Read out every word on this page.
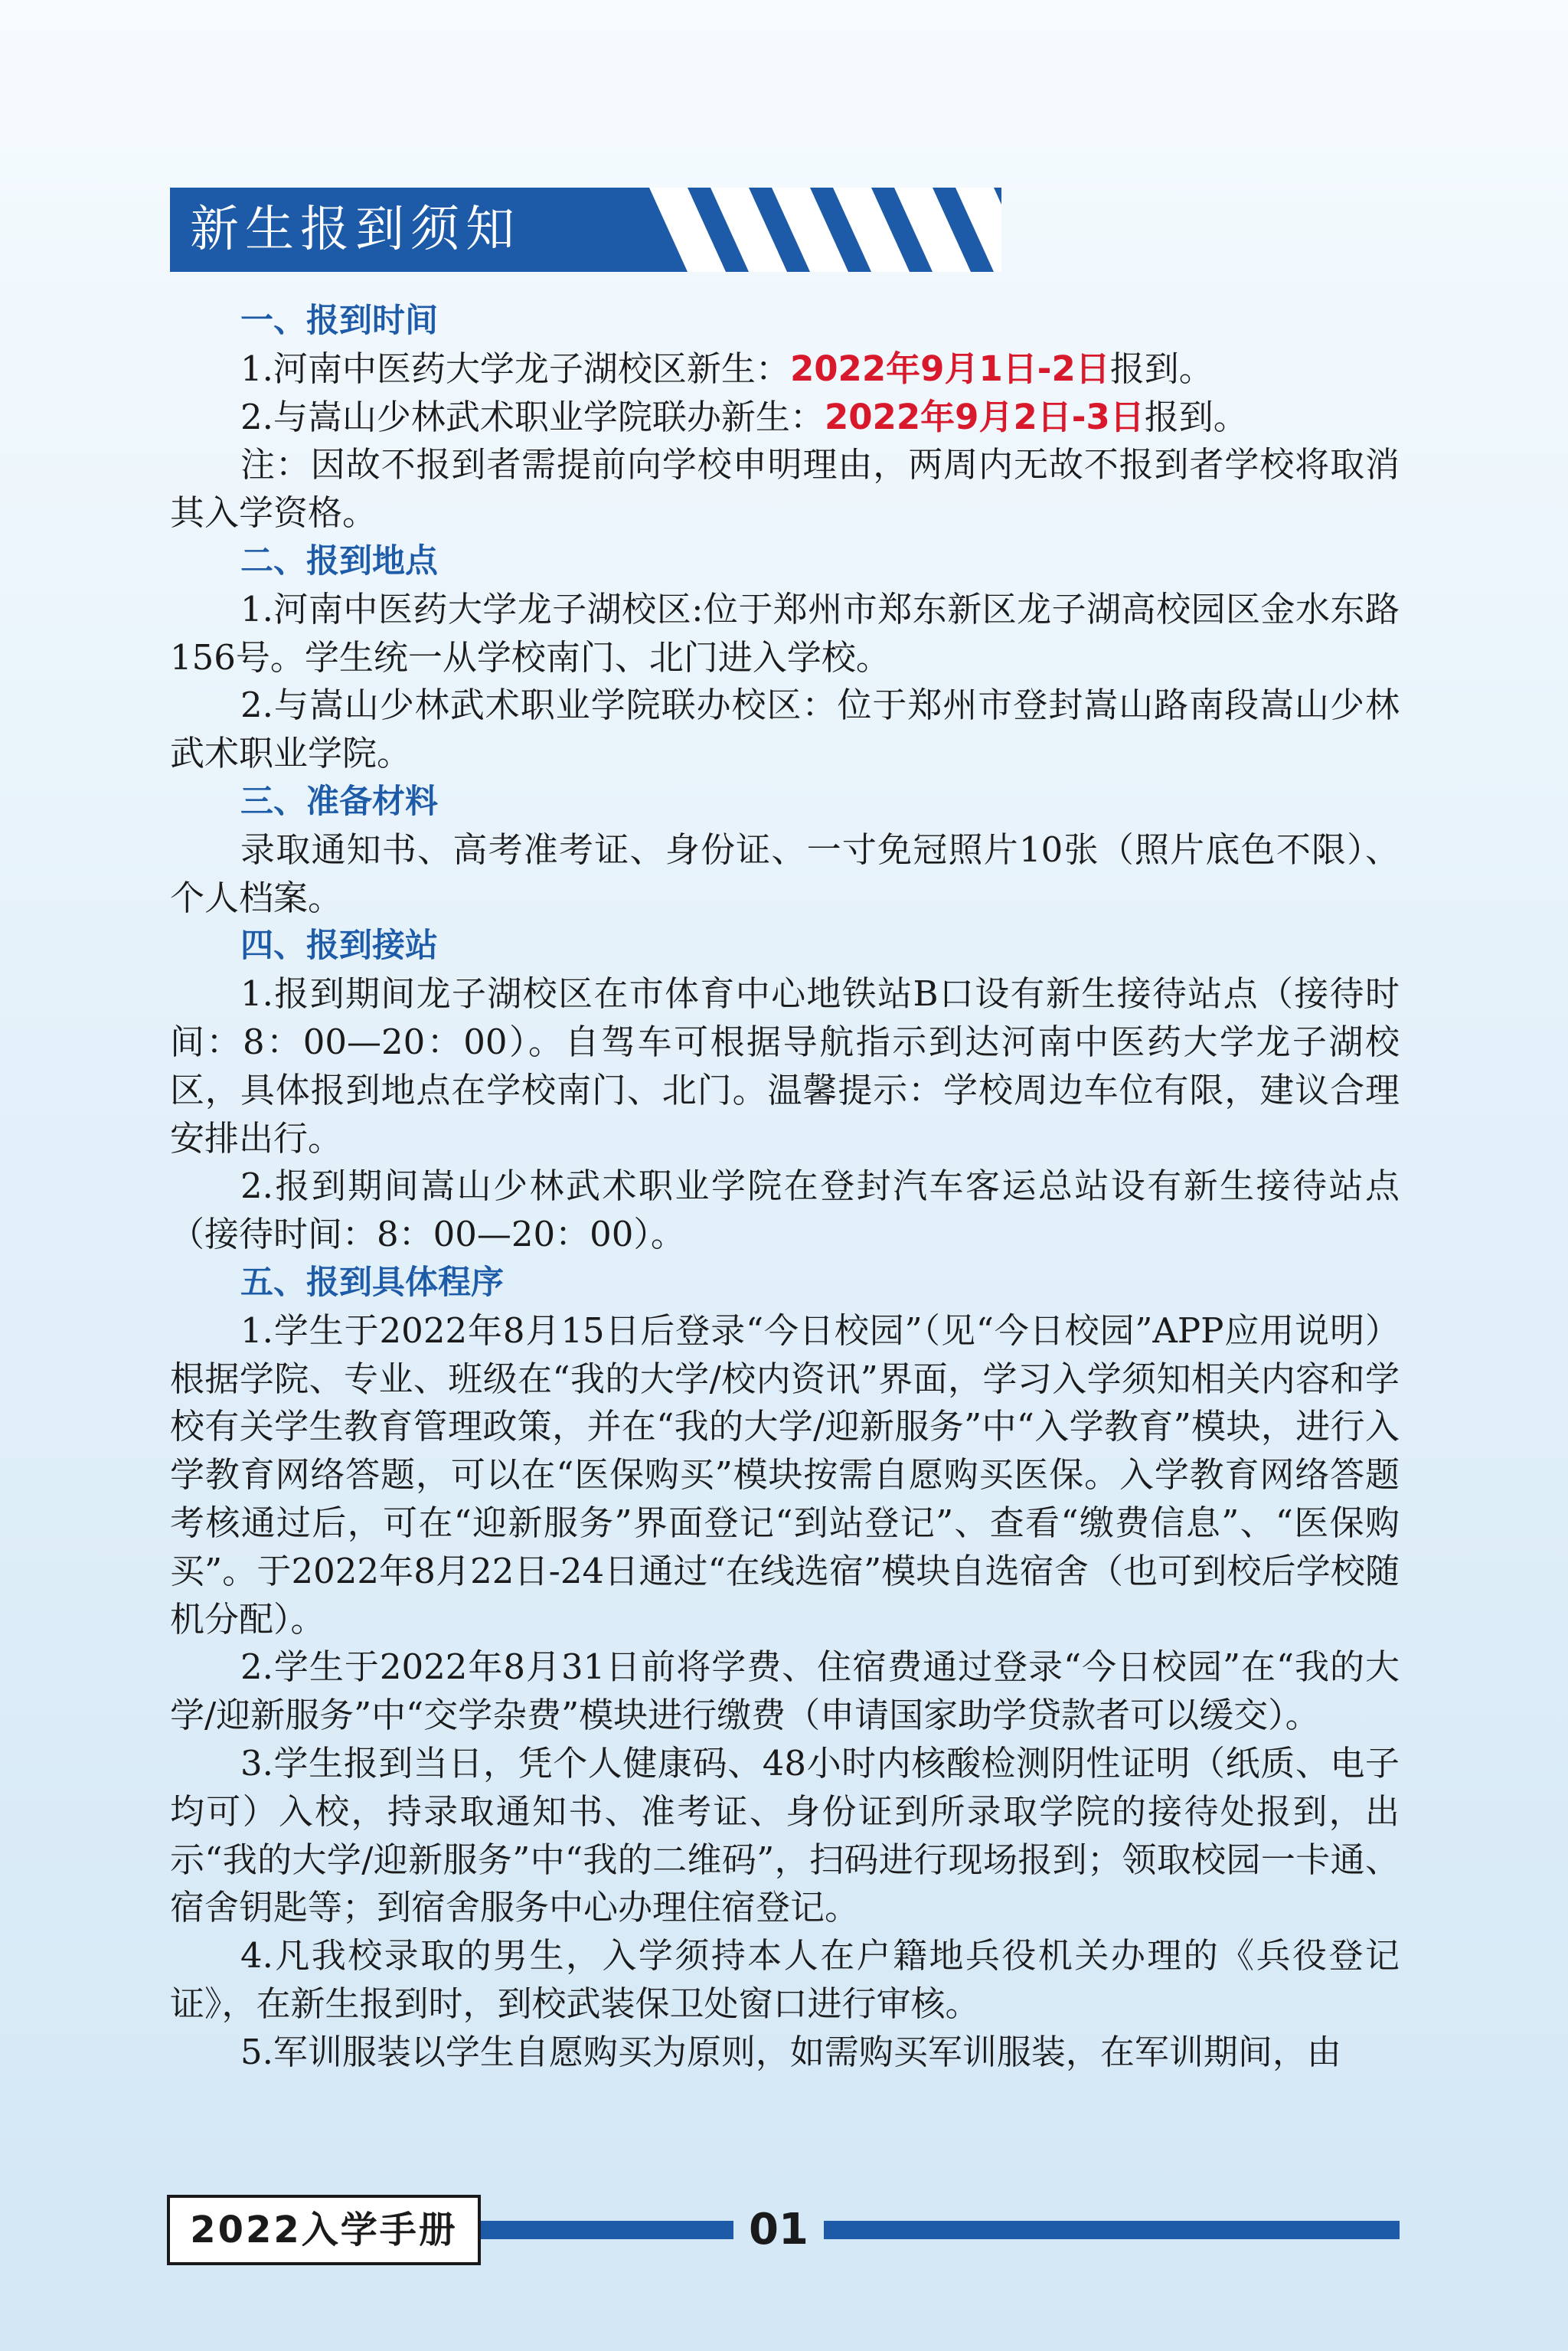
新生报到须知

一、报到时间

1.河南中医药大学龙子湖校区新生：2022年9月1日-2日报到。

2.与嵩山少林武术职业学院联办新生：2022年9月2日-3日报到。

注：因故不报到者需提前向学校申明理由，两周内无故不报到者学校将取消其入学资格。

二、报到地点

1.河南中医药大学龙子湖校区:位于郑州市郑东新区龙子湖高校园区金水东路156号。学生统一从学校南门、北门进入学校。

2.与嵩山少林武术职业学院联办校区：位于郑州市登封嵩山路南段嵩山少林武术职业学院。

三、准备材料

录取通知书、高考准考证、身份证、一寸免冠照片10张（照片底色不限）、个人档案。

四、报到接站

1.报到期间龙子湖校区在市体育中心地铁站B口设有新生接待站点（接待时间：8：00—20：00）。自驾车可根据导航指示到达河南中医药大学龙子湖校区，具体报到地点在学校南门、北门。温馨提示：学校周边车位有限，建议合理安排出行。

2.报到期间嵩山少林武术职业学院在登封汽车客运总站设有新生接待站点（接待时间：8：00—20：00）。

五、报到具体程序

1.学生于2022年8月15日后登录“今日校园”（见“今日校园”APP应用说明）根据学院、专业、班级在“我的大学/校内资讯”界面，学习入学须知相关内容和学校有关学生教育管理政策，并在“我的大学/迎新服务”中“入学教育”模块，进行入学教育网络答题，可以在“医保购买”模块按需自愿购买医保。入学教育网络答题考核通过后，可在“迎新服务”界面登记“到站登记”、查看“缴费信息”、“医保购买”。于2022年8月22日-24日通过“在线选宿”模块自选宿舍（也可到校后学校随机分配）。

2.学生于2022年8月31日前将学费、住宿费通过登录“今日校园”在“我的大学/迎新服务”中“交学杂费”模块进行缴费（申请国家助学贷款者可以缓交）。

3.学生报到当日，凭个人健康码、48小时内核酸检测阴性证明（纸质、电子均可）入校，持录取通知书、准考证、身份证到所录取学院的接待处报到，出示“我的大学/迎新服务”中“我的二维码”，扫码进行现场报到；领取校园一卡通、宿舍钥匙等；到宿舍服务中心办理住宿登记。

4.凡我校录取的男生，入学须持本人在户籍地兵役机关办理的《兵役登记证》，在新生报到时，到校武装保卫处窗口进行审核。

5.军训服装以学生自愿购买为原则，如需购买军训服装，在军训期间，由

2022入学手册	01
